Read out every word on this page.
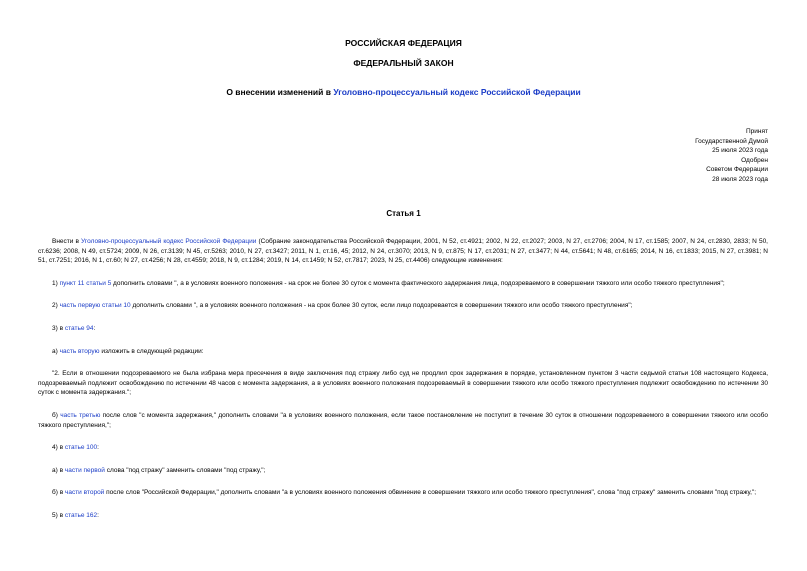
РОССИЙСКАЯ ФЕДЕРАЦИЯ
ФЕДЕРАЛЬНЫЙ ЗАКОН
О внесении изменений в Уголовно-процессуальный кодекс Российской Федерации
Принят
Государственной Думой
25 июля 2023 года
Одобрен
Советом Федерации
28 июля 2023 года
Статья 1

Внести в Уголовно-процессуальный кодекс Российской Федерации (Собрание законодательства Российской Федерации, 2001, N 52, ст.4921; 2002, N 22, ст.2027; 2003, N 27, ст.2706; 2004, N 17, ст.1585; 2007, N 24, ст.2830, 2833; N 50, ст.6236; 2008, N 49, ст.5724; 2009, N 26, ст.3139; N 45, ст.5263; 2010, N 27, ст.3427; 2011, N 1, ст.16, 45; 2012, N 24, ст.3070; 2013, N 9, ст.875; N 17, ст.2031; N 27, ст.3477; N 44, ст.5641; N 48, ст.6165; 2014, N 16, ст.1833; 2015, N 27, ст.3981; N 51, ст.7251; 2016, N 1, ст.60; N 27, ст.4256; N 28, ст.4559; 2018, N 9, ст.1284; 2019, N 14, ст.1459; N 52, ст.7817; 2023, N 25, ст.4406) следующие изменения:

1) пункт 11 статьи 5 дополнить словами ", а в условиях военного положения - на срок не более 30 суток с момента фактического задержания лица, подозреваемого в совершении тяжкого или особо тяжкого преступления";

2) часть первую статьи 10 дополнить словами ", а в условиях военного положения - на срок более 30 суток, если лицо подозревается в совершении тяжкого или особо тяжкого преступления";

3) в статье 94:

а) часть вторую изложить в следующей редакции:

"2. Если в отношении подозреваемого не была избрана мера пресечения в виде заключения под стражу либо суд не продлил срок задержания в порядке, установленном пунктом 3 части седьмой статьи 108 настоящего Кодекса, подозреваемый подлежит освобождению по истечении 48 часов с момента задержания, а в условиях военного положения подозреваемый в совершении тяжкого или особо тяжкого преступления подлежит освобождению по истечении 30 суток с момента задержания.";

б) часть третью после слов "с момента задержания," дополнить словами "а в условиях военного положения, если такое постановление не поступит в течение 30 суток в отношении подозреваемого в совершении тяжкого или особо тяжкого преступления,";

4) в статье 100:

а) в части первой слова "под стражу" заменить словами "под стражу,";

б) в части второй после слов "Российской Федерации," дополнить словами "а в условиях военного положения обвинение в совершении тяжкого или особо тяжкого преступления", слова "под стражу" заменить словами "под стражу,";

5) в статье 162:
